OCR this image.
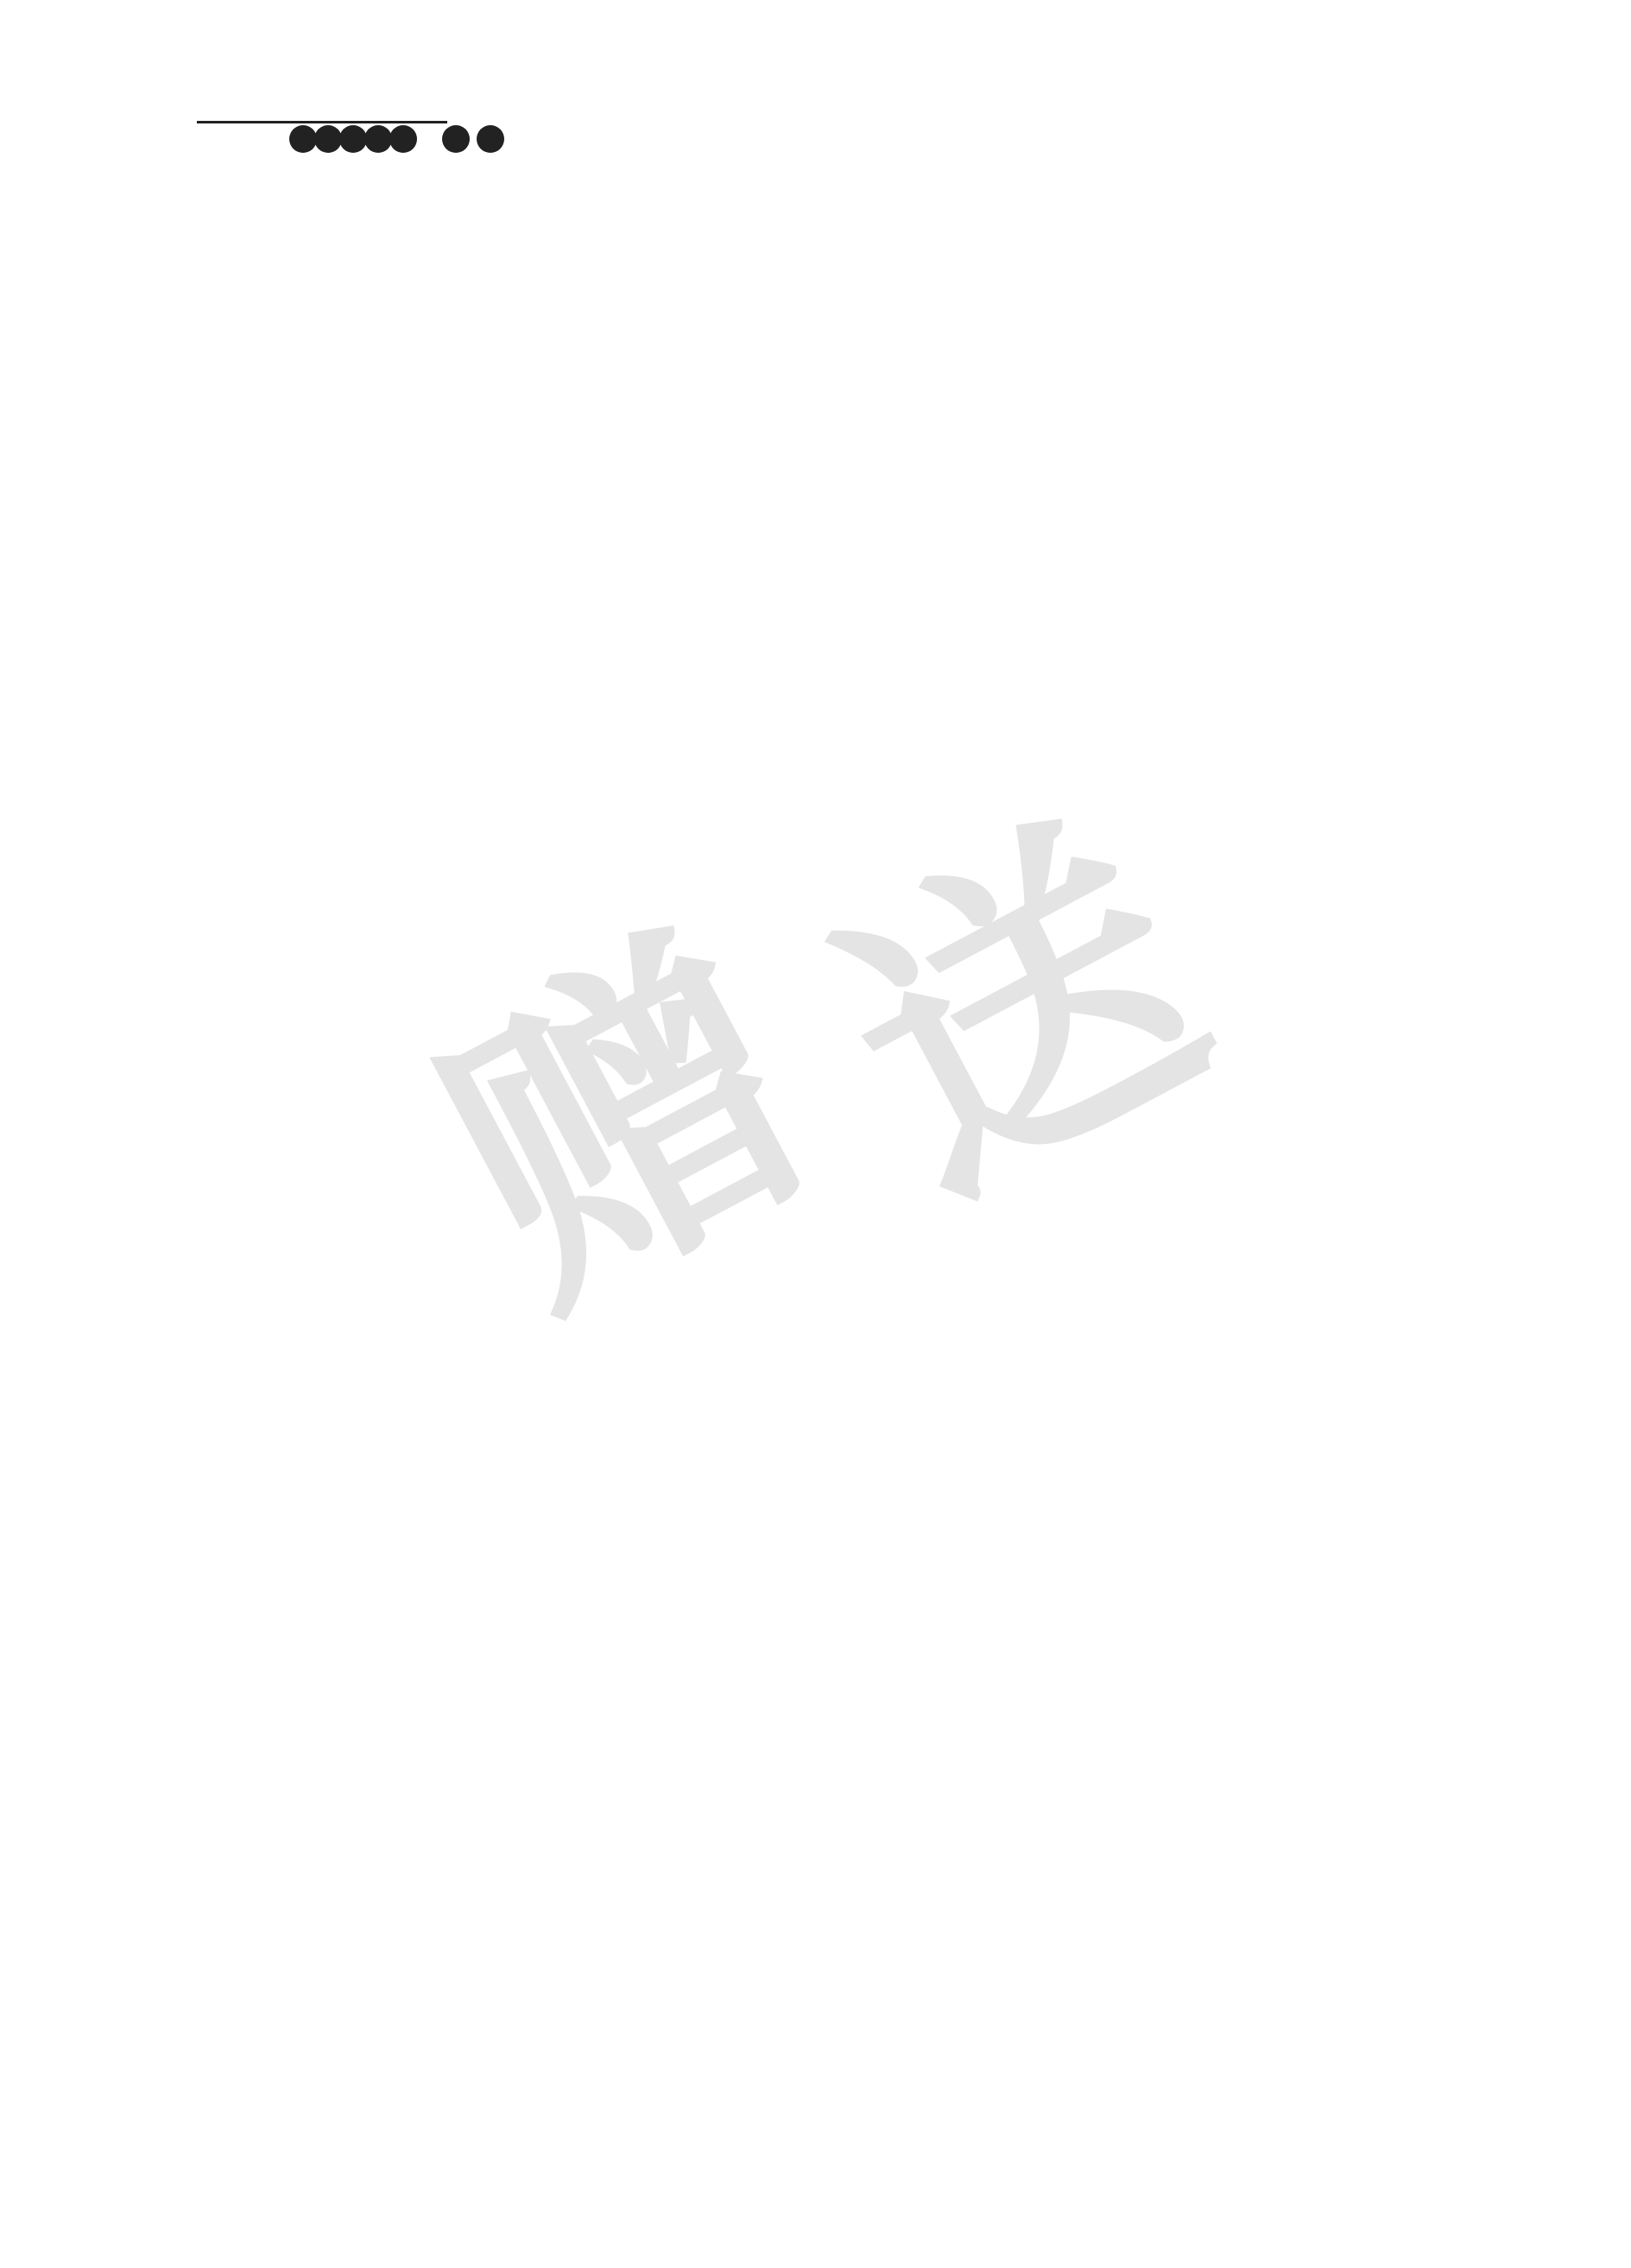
赠
送
